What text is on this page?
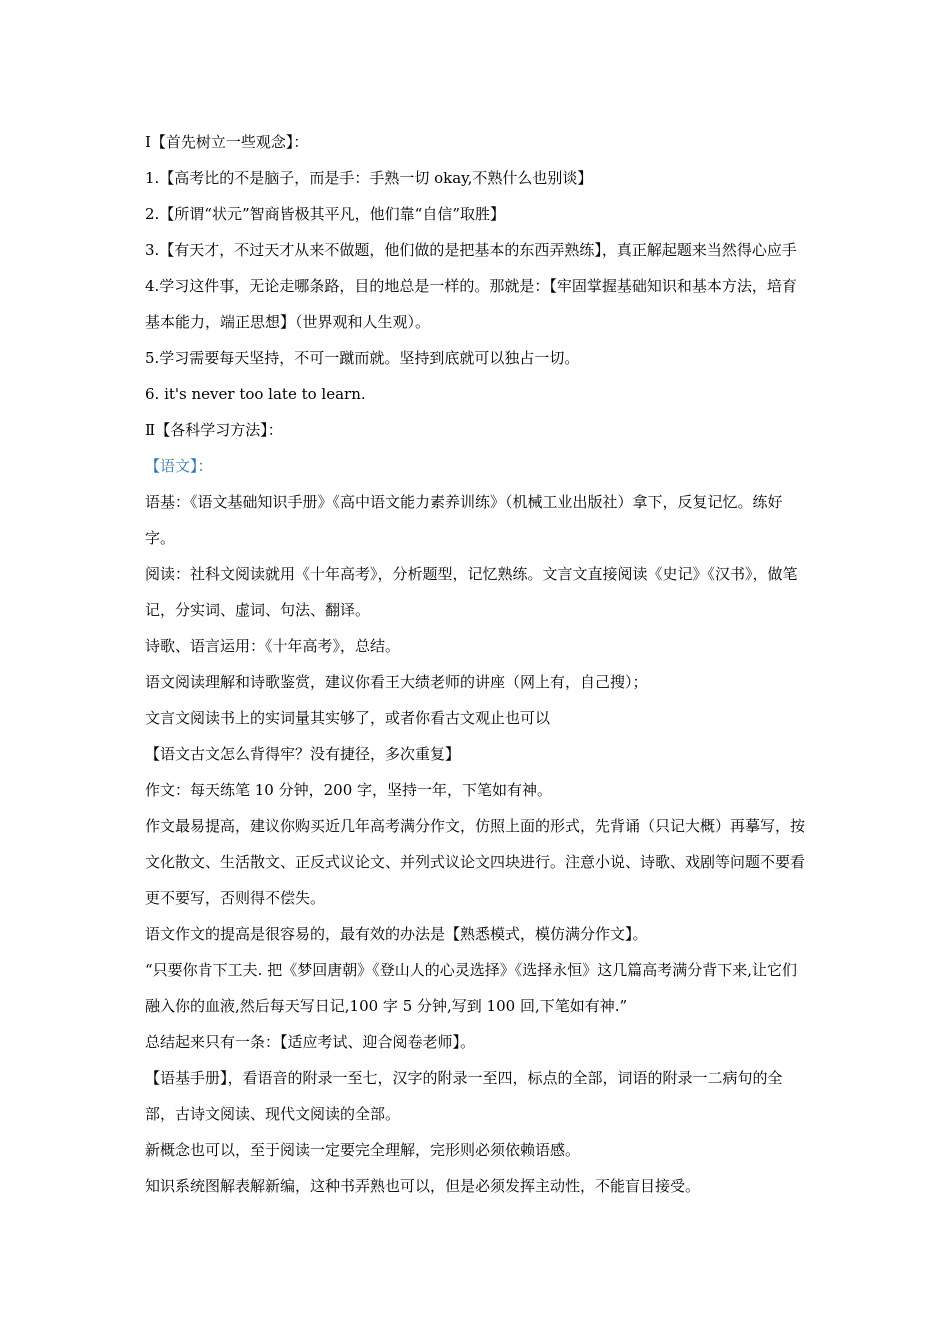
Ⅰ【首先树立一些观念】：

1.【高考比的不是脑子，而是手：手熟一切 okay,不熟什么也别谈】

2.【所谓“状元”智商皆极其平凡，他们靠“自信”取胜】

3.【有天才，不过天才从来不做题，他们做的是把基本的东西弄熟练】，真正解起题来当然得心应手

4.学习这件事，无论走哪条路，目的地总是一样的。那就是：【牢固掌握基础知识和基本方法，培育基本能力，端正思想】（世界观和人生观）。

5.学习需要每天坚持，不可一蹴而就。坚持到底就可以独占一切。

6. it's never too late to learn.

Ⅱ【各科学习方法】：

【语文】：

语基：《语文基础知识手册》《高中语文能力素养训练》（机械工业出版社）拿下，反复记忆。练好字。

阅读：社科文阅读就用《十年高考》，分析题型，记忆熟练。文言文直接阅读《史记》《汉书》，做笔记，分实词、虚词、句法、翻译。

诗歌、语言运用：《十年高考》，总结。

语文阅读理解和诗歌鉴赏，建议你看王大绩老师的讲座（网上有，自己搜）；

文言文阅读书上的实词量其实够了，或者你看古文观止也可以

【语文古文怎么背得牢？没有捷径，多次重复】

作文：每天练笔 10 分钟，200 字，坚持一年，下笔如有神。

作文最易提高，建议你购买近几年高考满分作文，仿照上面的形式，先背诵（只记大概）再摹写，按文化散文、生活散文、正反式议论文、并列式议论文四块进行。注意小说、诗歌、戏剧等问题不要看更不要写，否则得不偿失。

语文作文的提高是很容易的，最有效的办法是【熟悉模式，模仿满分作文】。

“只要你肯下工夫. 把《梦回唐朝》《登山人的心灵选择》《选择永恒》这几篇高考满分背下来,让它们融入你的血液,然后每天写日记,100 字 5 分钟,写到 100 回,下笔如有神.”

总结起来只有一条：【适应考试、迎合阅卷老师】。

【语基手册】，看语音的附录一至七，汉字的附录一至四，标点的全部，词语的附录一二病句的全部，古诗文阅读、现代文阅读的全部。

新概念也可以，至于阅读一定要完全理解，完形则必须依赖语感。

知识系统图解表解新编，这种书弄熟也可以，但是必须发挥主动性，不能盲目接受。
